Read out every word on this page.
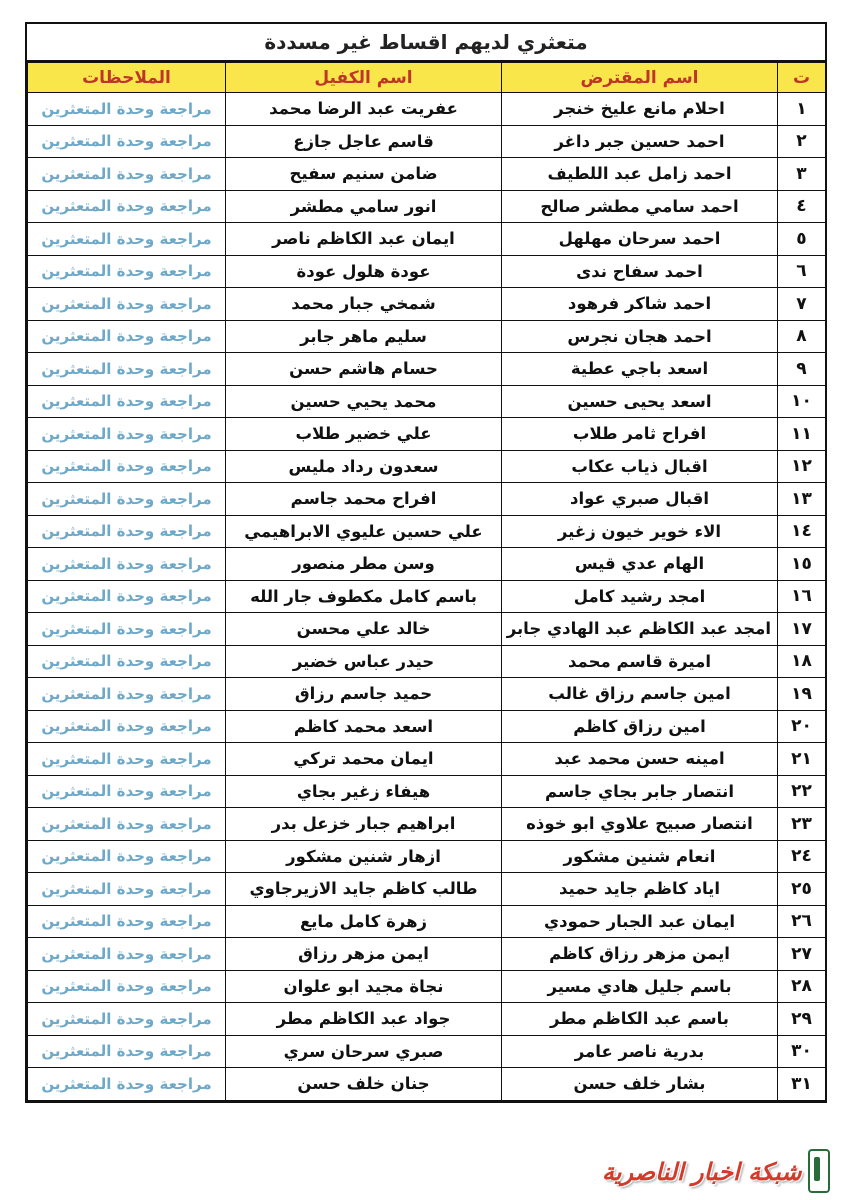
متعثري لديهم اقساط غير مسددة
ت	اسم المقترض	اسم الكفيل	الملاحظات
١	احلام مانع عليخ خنجر	عفريت عبد الرضا محمد	مراجعة وحدة المتعثرين
٢	احمد حسين جبر داغر	قاسم عاجل جازع	مراجعة وحدة المتعثرين
٣	احمد زامل عبد اللطيف	ضامن سنيم سفيح	مراجعة وحدة المتعثرين
٤	احمد سامي مطشر صالح	انور سامي مطشر	مراجعة وحدة المتعثرين
٥	احمد سرحان مهلهل	ايمان عبد الكاظم ناصر	مراجعة وحدة المتعثرين
٦	احمد سفاح ندى	عودة هلول عودة	مراجعة وحدة المتعثرين
٧	احمد شاكر فرهود	شمخي جبار محمد	مراجعة وحدة المتعثرين
٨	احمد هجان نجرس	سليم ماهر جابر	مراجعة وحدة المتعثرين
٩	اسعد باجي عطية	حسام هاشم حسن	مراجعة وحدة المتعثرين
١٠	اسعد يحيى حسين	محمد يحيي حسين	مراجعة وحدة المتعثرين
١١	افراح ثامر طلاب	علي خضير طلاب	مراجعة وحدة المتعثرين
١٢	اقبال ذياب عكاب	سعدون رداد مليس	مراجعة وحدة المتعثرين
١٣	اقبال صبري عواد	افراح محمد جاسم	مراجعة وحدة المتعثرين
١٤	الاء خوير خيون زغير	علي حسين عليوي الابراهيمي	مراجعة وحدة المتعثرين
١٥	الهام عدي قيس	وسن مطر منصور	مراجعة وحدة المتعثرين
١٦	امجد رشيد كامل	باسم كامل مكطوف جار الله	مراجعة وحدة المتعثرين
١٧	امجد عبد الكاظم عبد الهادي جابر	خالد علي محسن	مراجعة وحدة المتعثرين
١٨	اميرة قاسم محمد	حيدر عباس خضير	مراجعة وحدة المتعثرين
١٩	امين جاسم رزاق غالب	حميد جاسم رزاق	مراجعة وحدة المتعثرين
٢٠	امين رزاق كاظم	اسعد محمد كاظم	مراجعة وحدة المتعثرين
٢١	امينه حسن محمد عبد	ايمان محمد تركي	مراجعة وحدة المتعثرين
٢٢	انتصار جابر بجاي جاسم	هيفاء زغير بجاي	مراجعة وحدة المتعثرين
٢٣	انتصار صبيح علاوي ابو خوذه	ابراهيم جبار خزعل بدر	مراجعة وحدة المتعثرين
٢٤	انعام شنين مشكور	ازهار شنين مشكور	مراجعة وحدة المتعثرين
٢٥	اياد كاظم جايد حميد	طالب كاظم جايد الازيرجاوي	مراجعة وحدة المتعثرين
٢٦	ايمان عبد الجبار حمودي	زهرة كامل مايع	مراجعة وحدة المتعثرين
٢٧	ايمن مزهر رزاق كاظم	ايمن مزهر رزاق	مراجعة وحدة المتعثرين
٢٨	باسم جليل هادي مسير	نجاة مجيد ابو علوان	مراجعة وحدة المتعثرين
٢٩	باسم عبد الكاظم مطر	جواد عبد الكاظم مطر	مراجعة وحدة المتعثرين
٣٠	بدرية ناصر عامر	صبري سرحان سري	مراجعة وحدة المتعثرين
٣١	بشار خلف حسن	جنان خلف حسن	مراجعة وحدة المتعثرين
شبكة اخبار الناصرية
